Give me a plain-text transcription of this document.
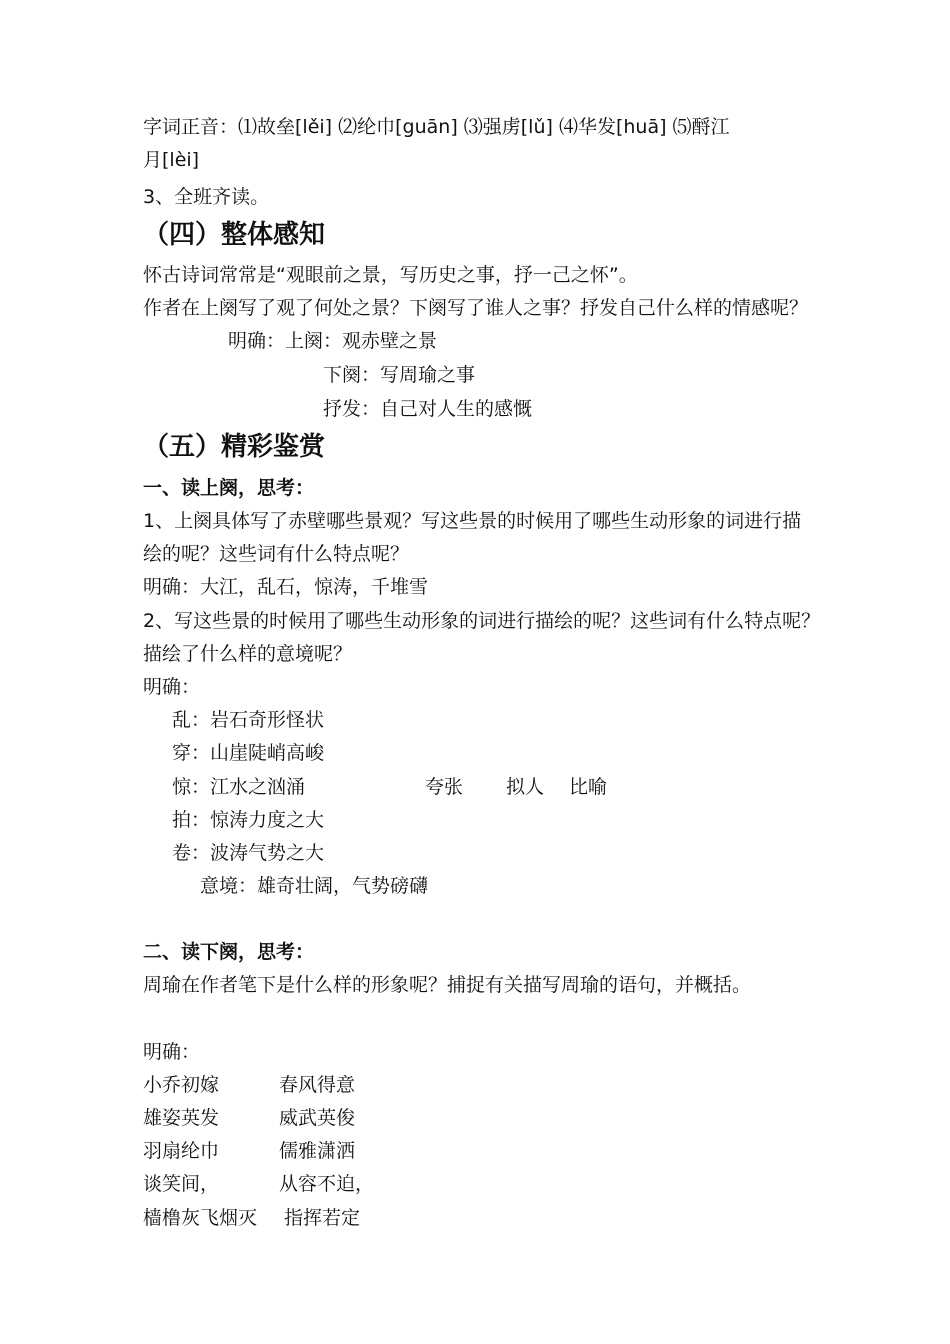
字词正音：⑴故垒[lěi] ⑵纶巾[guān] ⑶强虏[lǔ] ⑷华发[huā] ⑸酹江
月[lèi]
3、全班齐读。
（四）整体感知
怀古诗词常常是“观眼前之景，写历史之事，抒一己之怀”。
作者在上阕写了观了何处之景？下阕写了谁人之事？抒发自己什么样的情感呢？
明确：上阕：观赤壁之景
下阕：写周瑜之事
抒发：自己对人生的感慨
（五）精彩鉴赏
一、读上阕，思考：
1、上阕具体写了赤壁哪些景观？写这些景的时候用了哪些生动形象的词进行描
绘的呢？这些词有什么特点呢？
明确：大江，乱石，惊涛，千堆雪
2、写这些景的时候用了哪些生动形象的词进行描绘的呢？这些词有什么特点呢？
描绘了什么样的意境呢？
明确：
乱：岩石奇形怪状
穿：山崖陡峭高峻
惊：江水之汹涌	夸张 拟人 比喻
拍：惊涛力度之大
卷：波涛气势之大
意境：雄奇壮阔，气势磅礴
二、读下阕，思考：
周瑜在作者笔下是什么样的形象呢？捕捉有关描写周瑜的语句，并概括。
明确：
小乔初嫁	春风得意
雄姿英发	威武英俊
羽扇纶巾	儒雅潇洒
谈笑间，	从容不迫，
樯橹灰飞烟灭 指挥若定
